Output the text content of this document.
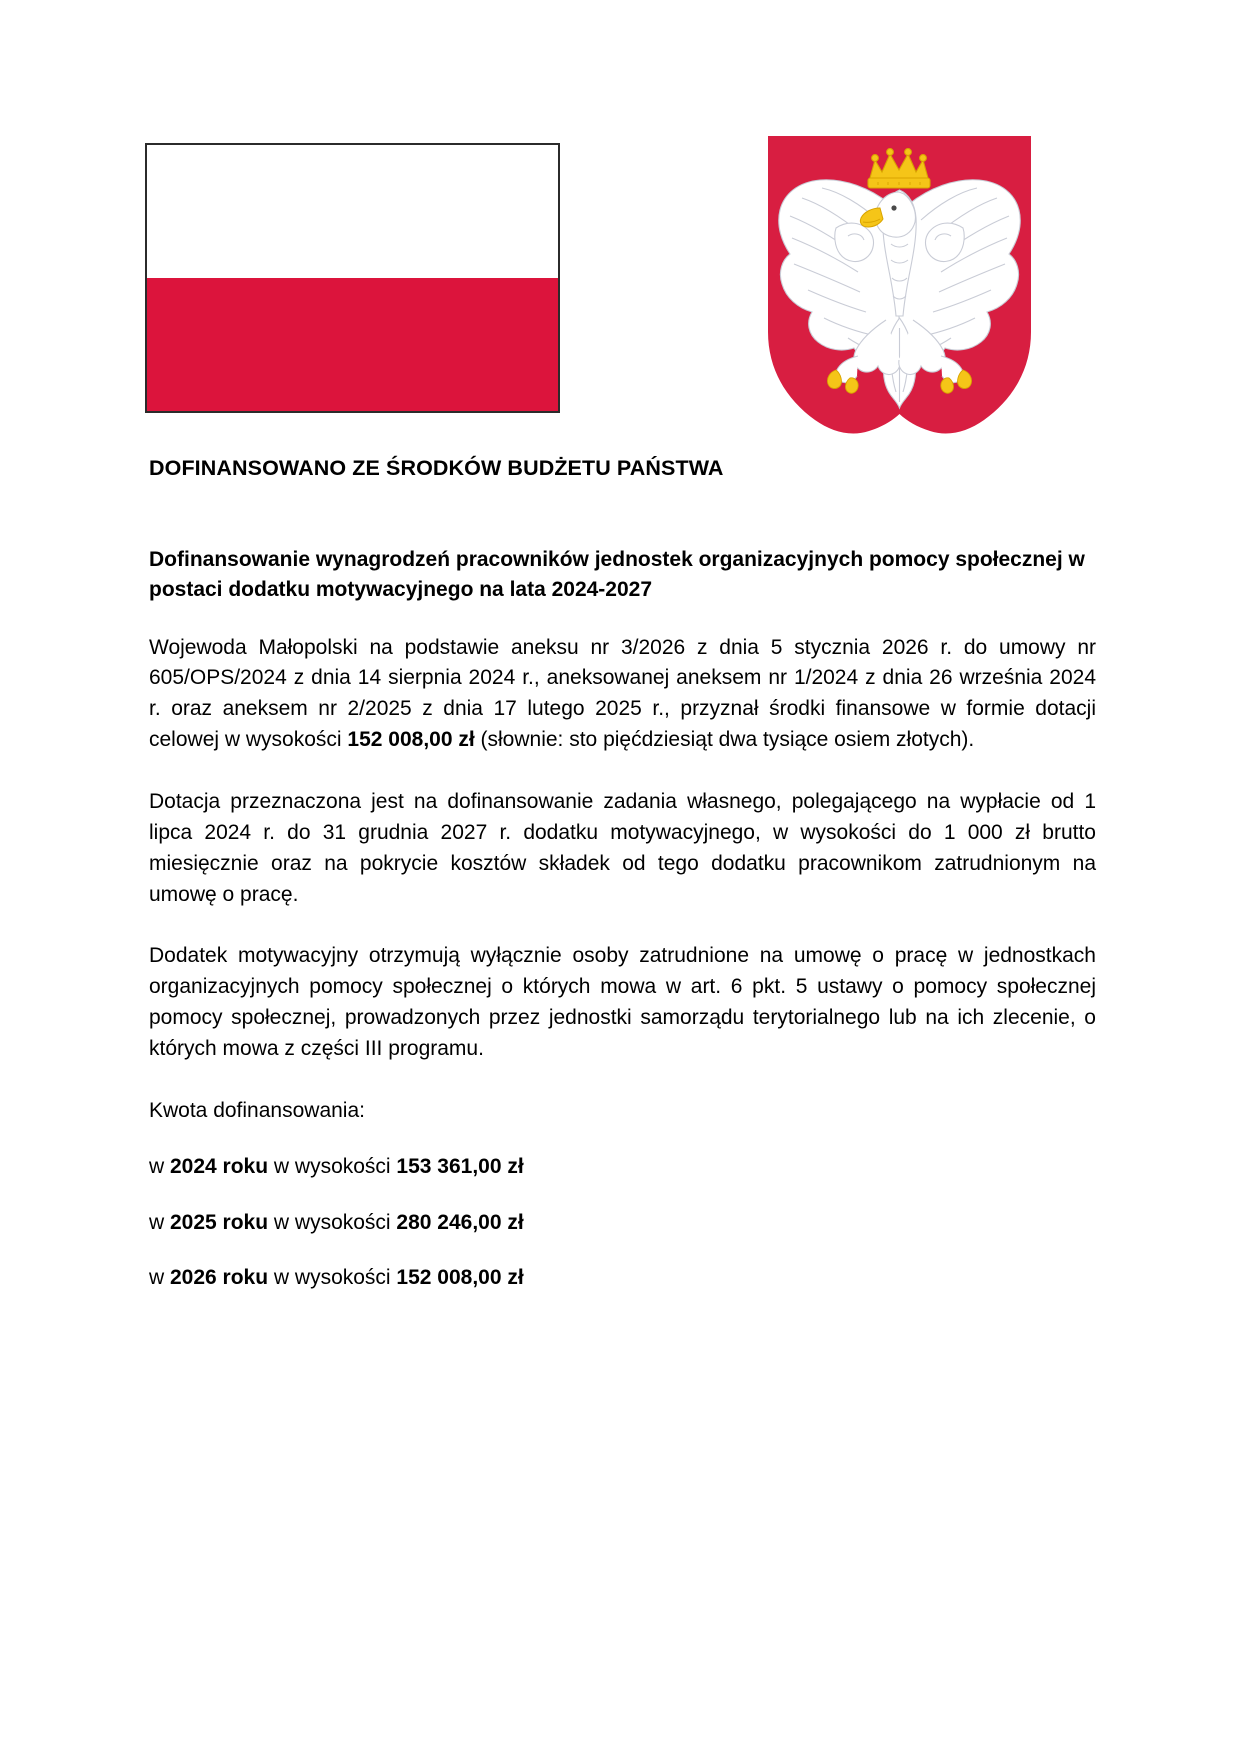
DOFINANSOWANO ZE ŚRODKÓW BUDŻETU PAŃSTWA
Dofinansowanie wynagrodzeń pracowników jednostek organizacyjnych pomocy społecznej w postaci dodatku motywacyjnego na lata 2024-2027

Wojewoda Małopolski na podstawie aneksu nr 3/2026 z dnia 5 stycznia 2026 r. do umowy nr 605/OPS/2024 z dnia 14 sierpnia 2024 r., aneksowanej aneksem nr 1/2024 z dnia 26 września 2024 r. oraz aneksem nr 2/2025 z dnia 17 lutego 2025 r., przyznał środki finansowe w formie dotacji celowej w wysokości 152 008,00 zł (słownie: sto pięćdziesiąt dwa tysiące osiem złotych).

Dotacja przeznaczona jest na dofinansowanie zadania własnego, polegającego na wypłacie od 1 lipca 2024 r. do 31 grudnia 2027 r. dodatku motywacyjnego, w wysokości do 1 000 zł brutto miesięcznie oraz na pokrycie kosztów składek od tego dodatku pracownikom zatrudnionym na umowę o pracę.

Dodatek motywacyjny otrzymują wyłącznie osoby zatrudnione na umowę o pracę w jednostkach organizacyjnych pomocy społecznej o których mowa w art. 6 pkt. 5 ustawy o pomocy społecznej pomocy społecznej, prowadzonych przez jednostki samorządu terytorialnego lub na ich zlecenie, o których mowa z części III programu.

Kwota dofinansowania:

w 2024 roku w wysokości 153 361,00 zł

w 2025 roku w wysokości 280 246,00 zł

w 2026 roku w wysokości 152 008,00 zł
